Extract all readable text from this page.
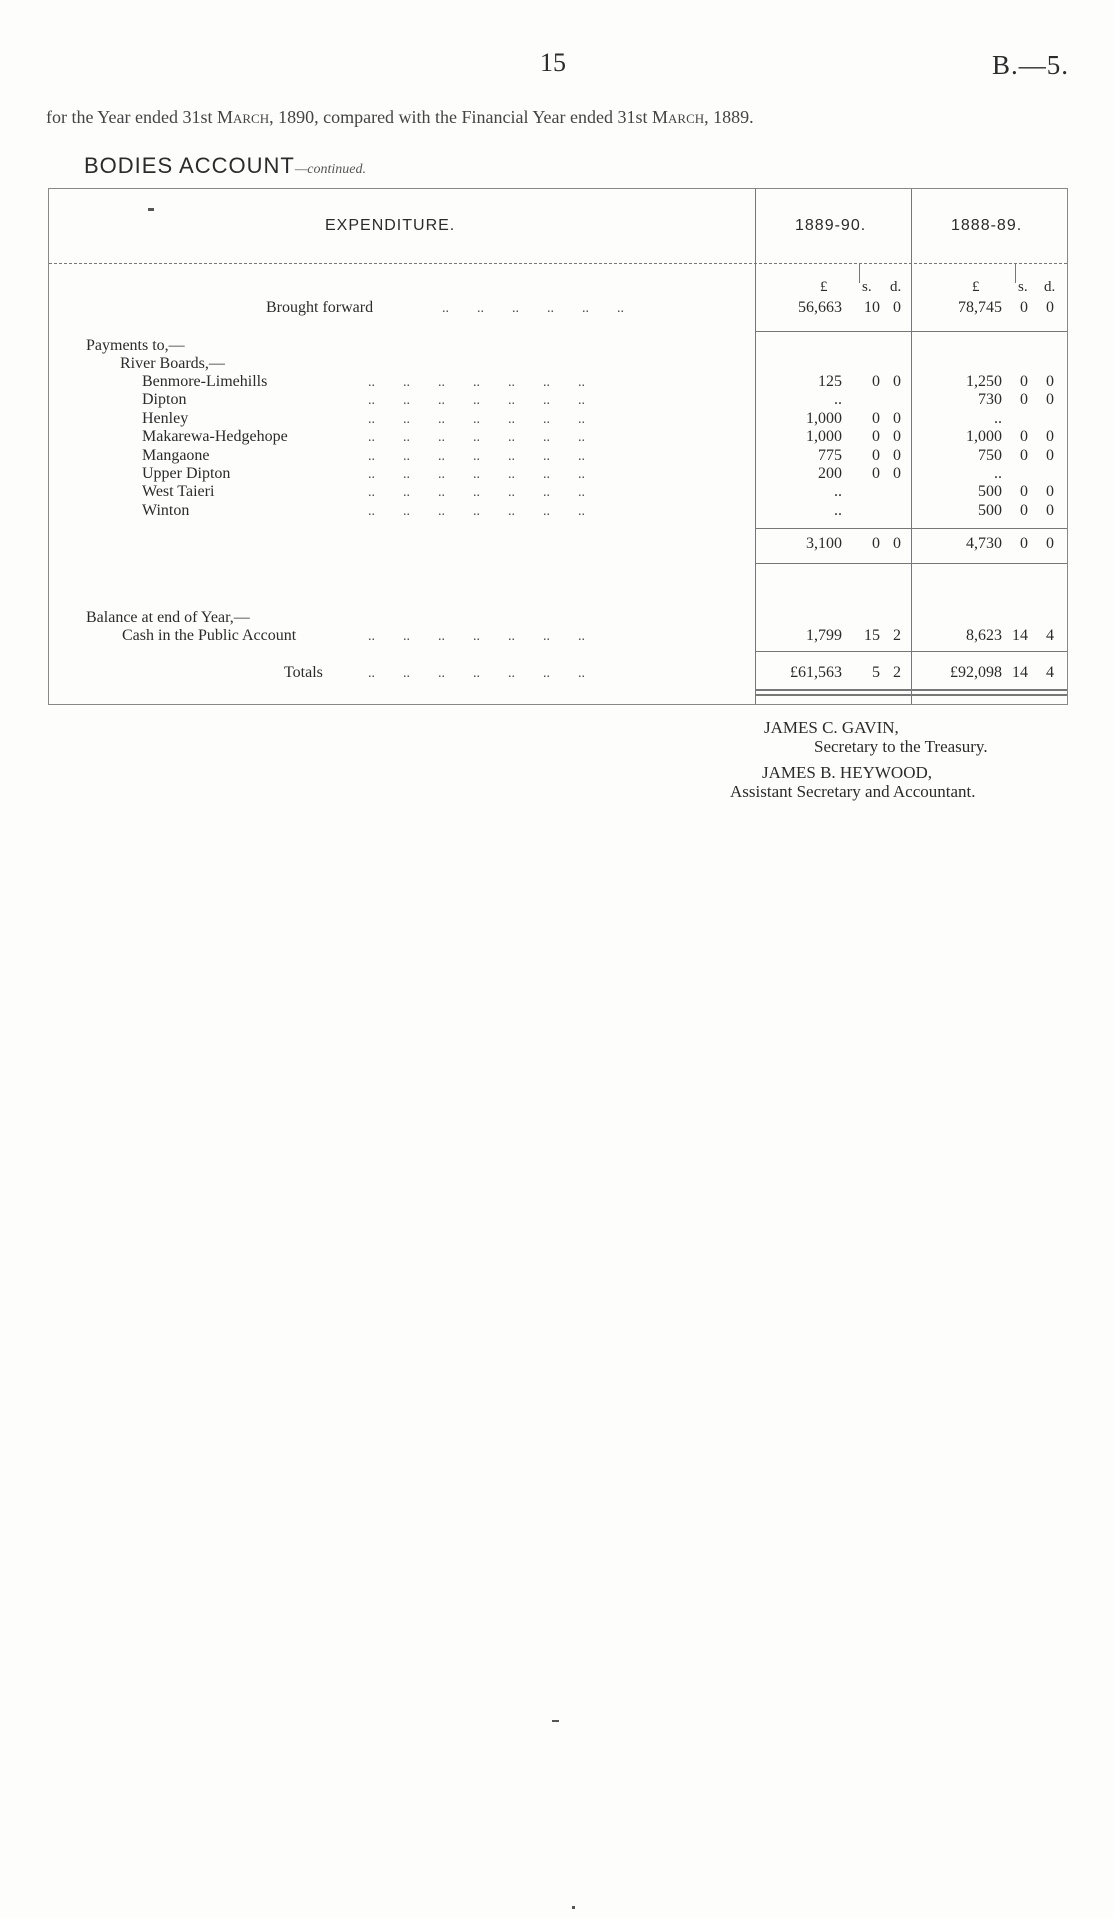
15	B.—5.
for the Year ended 31st March, 1890, compared with the Financial Year ended 31st March, 1889.
BODIES ACCOUNT—continued.
EXPENDITURE.	1889-90.	1888-89.
£ s. d.	£	s. d.
Brought forward	..        ..        ..        ..        ..        ..	56,663 10 0	78,745 0 0
Payments to,—
River Boards,—
Benmore-Limehills	..        ..        ..        ..        ..        ..        ..	125 0 0	1,250 0 0
Dipton	..        ..        ..        ..        ..        ..        ..	..	730 0 0
Henley	..        ..        ..        ..        ..        ..        ..	1,000 0 0	..
Makarewa-Hedgehope	..        ..        ..        ..        ..        ..        ..	1,000 0 0	1,000 0 0
Mangaone	..        ..        ..        ..        ..        ..        ..	775 0 0	750 0 0
Upper Dipton	..        ..        ..        ..        ..        ..        ..	200 0 0	..
West Taieri	..        ..        ..        ..        ..        ..        ..	..	500 0 0
Winton	..        ..        ..        ..        ..        ..        ..	..	500 0 0
3,100 0 0	4,730 0 0
Balance at end of Year,—
Cash in the Public Account	..        ..        ..        ..        ..        ..        ..	1,799 15 2	8,623 14 4
Totals	..        ..        ..        ..        ..        ..        ..	£61,563 5 2	£92,098 14 4
JAMES C. GAVIN,
Secretary to the Treasury.
JAMES B. HEYWOOD,
Assistant Secretary and Accountant.
